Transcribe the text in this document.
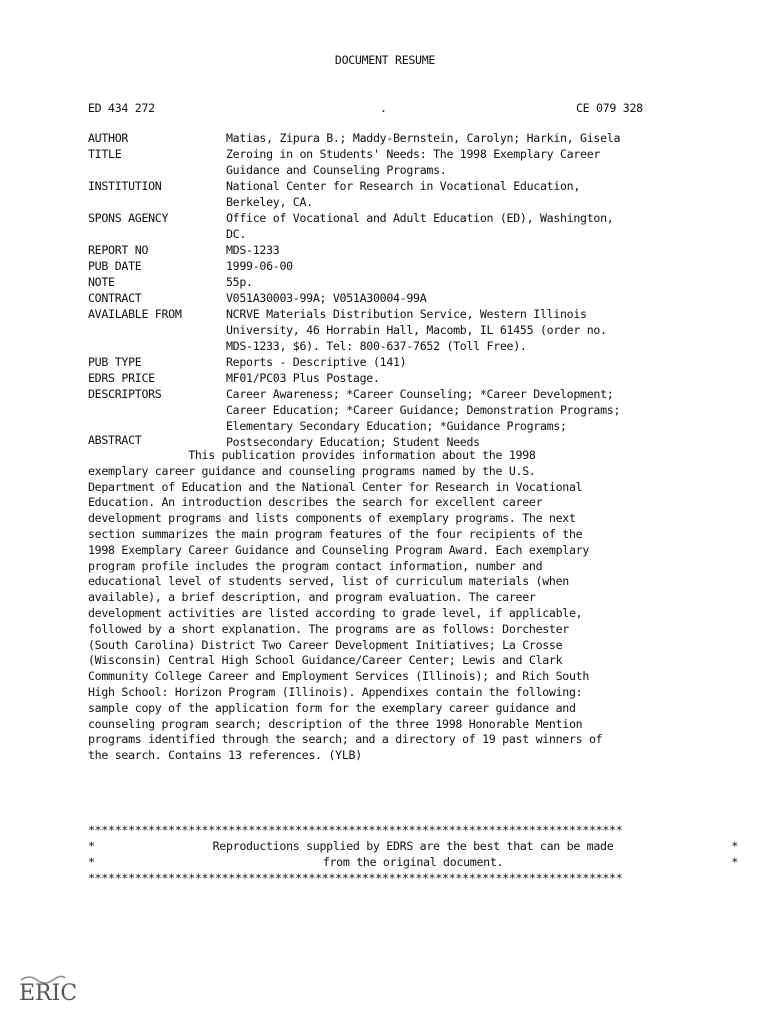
DOCUMENT RESUME
ED 434 272	.	CE 079 328
AUTHOR	Matias, Zipura B.; Maddy-Bernstein, Carolyn; Harkin, Gisela
TITLE	Zeroing in on Students' Needs: The 1998 Exemplary Career
Guidance and Counseling Programs.
INSTITUTION	National Center for Research in Vocational Education,
Berkeley, CA.
SPONS AGENCY	Office of Vocational and Adult Education (ED), Washington,
DC.
REPORT NO	MDS-1233
PUB DATE	1999-06-00
NOTE	55p.
CONTRACT	V051A30003-99A; V051A30004-99A
AVAILABLE FROM	NCRVE Materials Distribution Service, Western Illinois
University, 46 Horrabin Hall, Macomb, IL 61455 (order no.
MDS-1233, $6). Tel: 800-637-7652 (Toll Free).
PUB TYPE	Reports - Descriptive (141)
EDRS PRICE	MF01/PC03 Plus Postage.
DESCRIPTORS	Career Awareness; *Career Counseling; *Career Development;
Career Education; *Career Guidance; Demonstration Programs;
Elementary Secondary Education; *Guidance Programs;
Postsecondary Education; Student Needs
ABSTRACT
This publication provides information about the 1998
exemplary career guidance and counseling programs named by the U.S.
Department of Education and the National Center for Research in Vocational
Education. An introduction describes the search for excellent career
development programs and lists components of exemplary programs. The next
section summarizes the main program features of the four recipients of the
1998 Exemplary Career Guidance and Counseling Program Award. Each exemplary
program profile includes the program contact information, number and
educational level of students served, list of curriculum materials (when
available), a brief description, and program evaluation. The career
development activities are listed according to grade level, if applicable,
followed by a short explanation. The programs are as follows: Dorchester
(South Carolina) District Two Career Development Initiatives; La Crosse
(Wisconsin) Central High School Guidance/Career Center; Lewis and Clark
Community College Career and Employment Services (Illinois); and Rich South
High School: Horizon Program (Illinois). Appendixes contain the following:
sample copy of the application form for the exemplary career guidance and
counseling program search; description of the three 1998 Honorable Mention
programs identified through the search; and a directory of 19 past winners of
the search. Contains 13 references. (YLB)
********************************************************************************
*	Reproductions supplied by EDRS are the best that can be made	*
*	from the original document.	*
********************************************************************************
ERIC
